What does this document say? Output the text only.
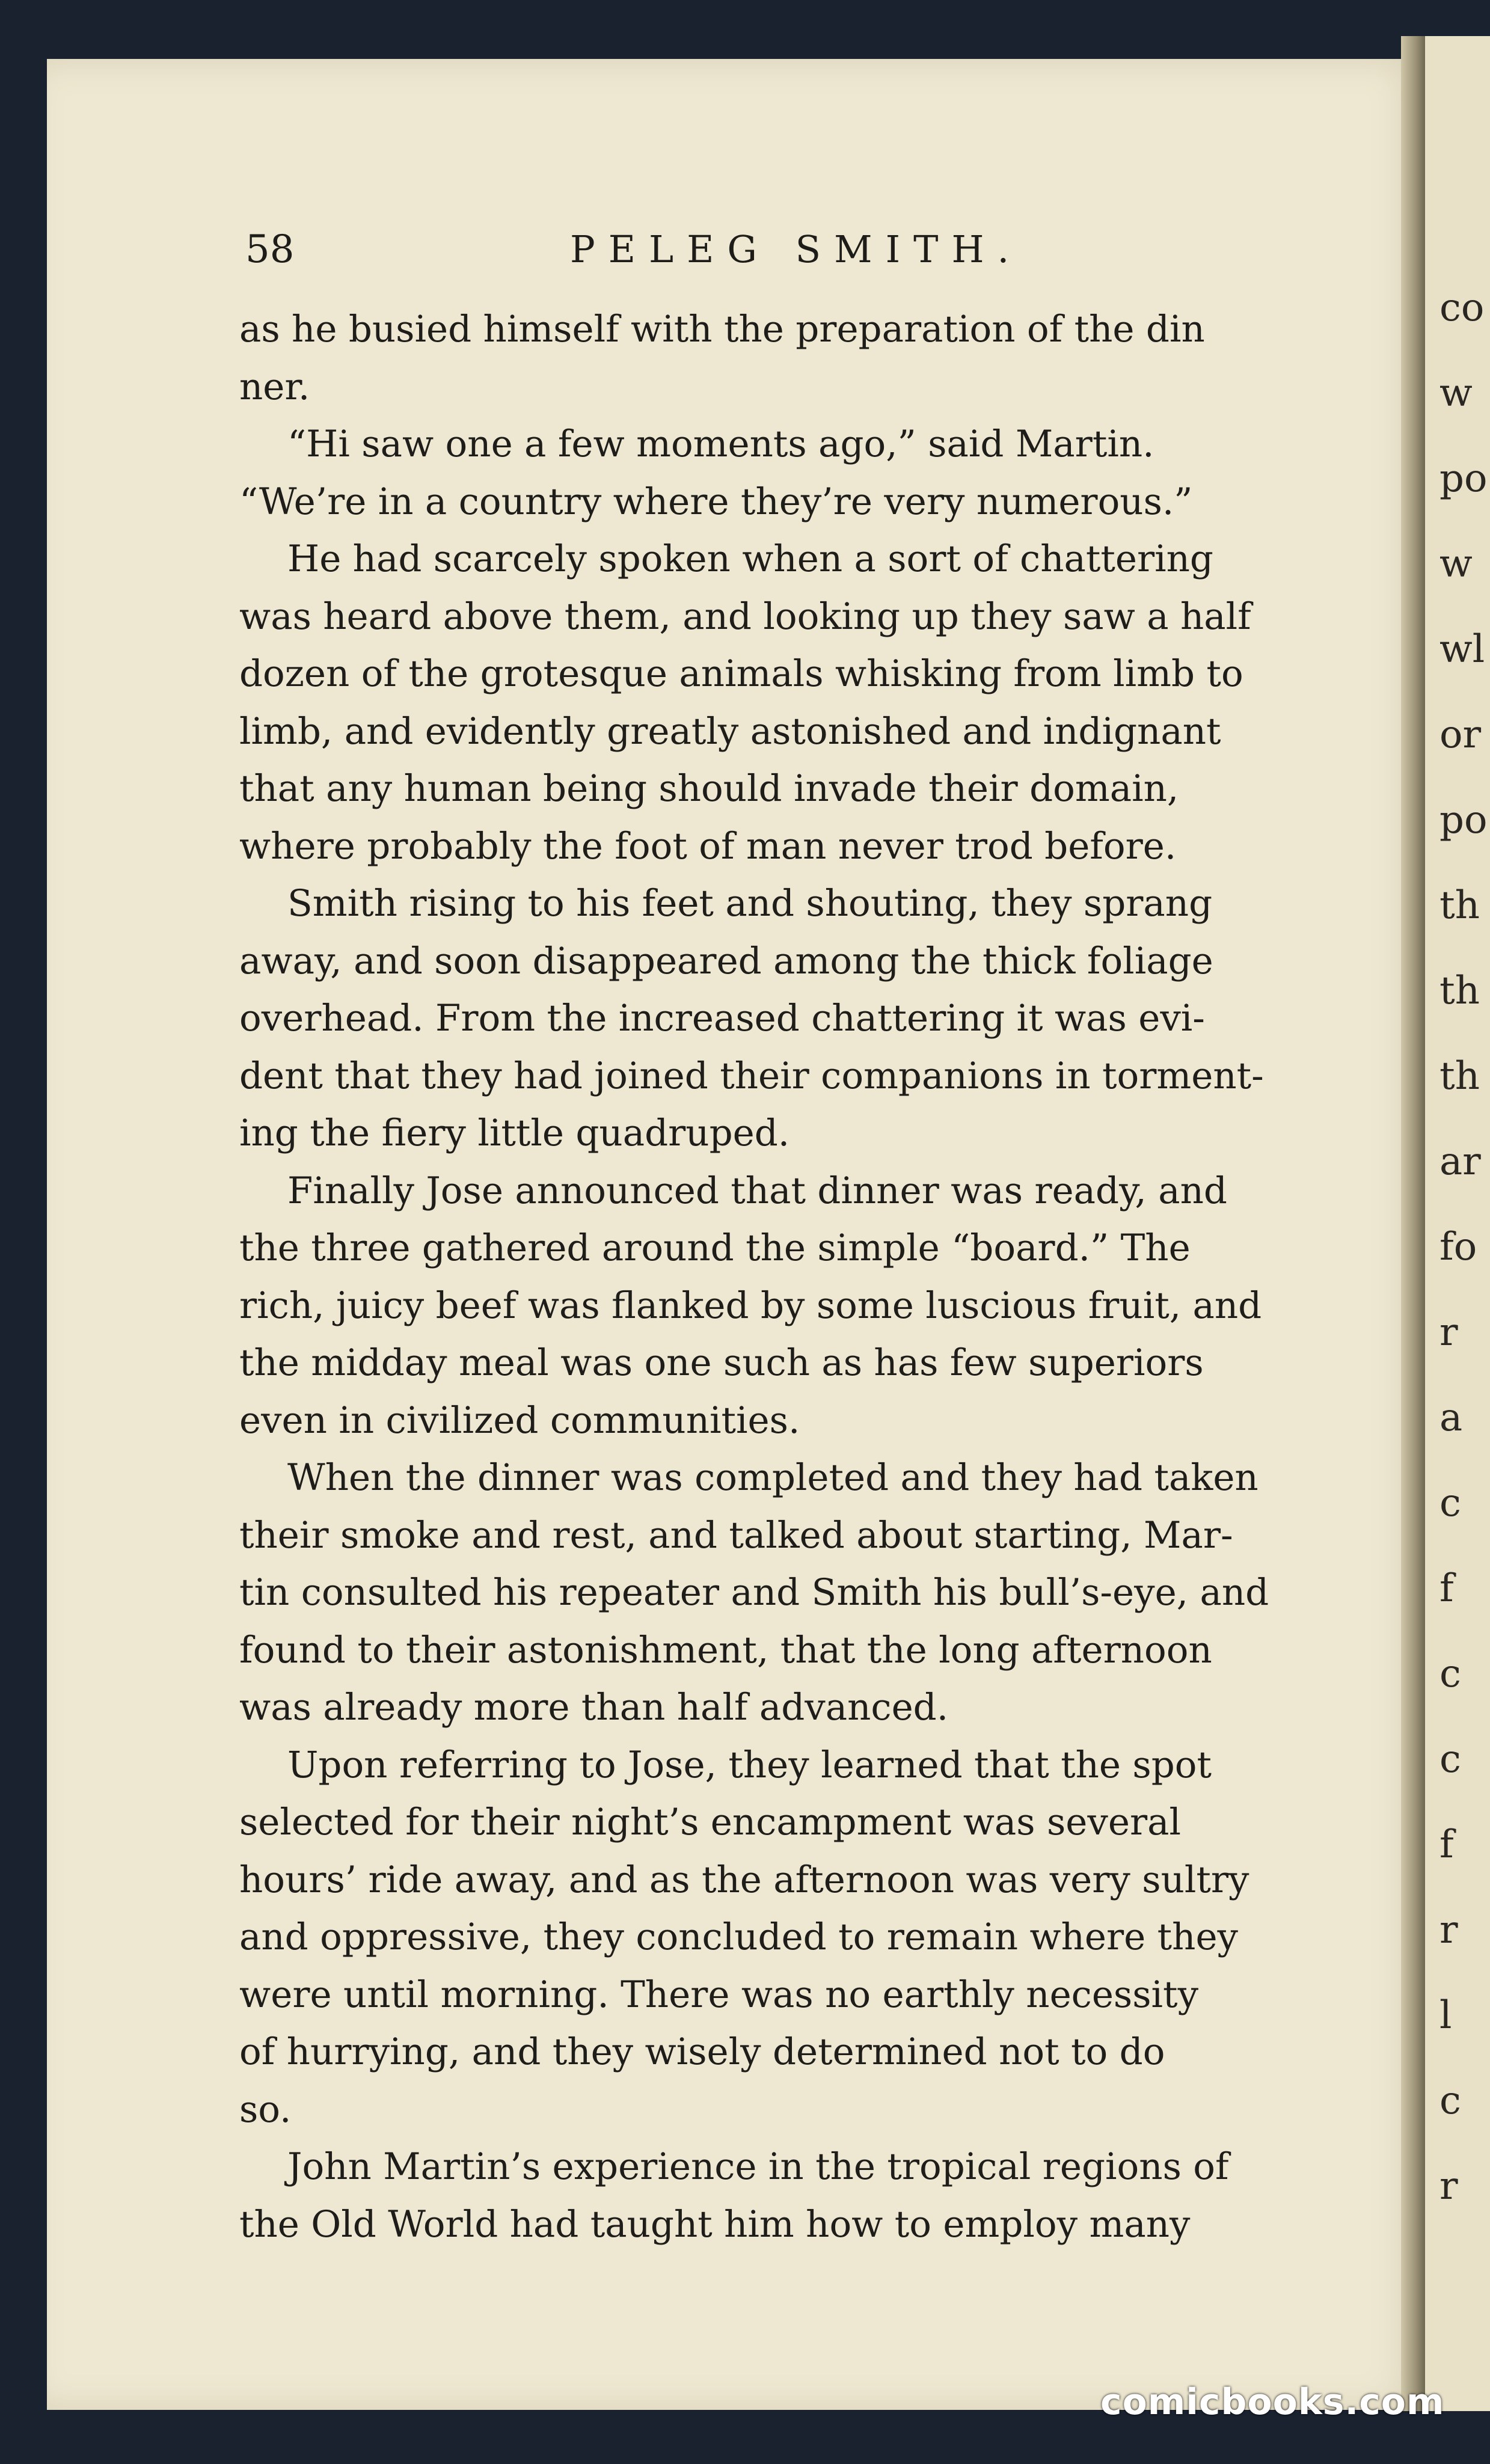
58	PELEG SMITH.
as he busied himself with the preparation of the din
ner.
“Hi saw one a few moments ago,” said Martin.
“We’re in a country where they’re very numerous.”
He had scarcely spoken when a sort of chattering
was heard above them, and looking up they saw a half
dozen of the grotesque animals whisking from limb to
limb, and evidently greatly astonished and indignant
that any human being should invade their domain,
where probably the foot of man never trod before.
Smith rising to his feet and shouting, they sprang
away, and soon disappeared among the thick foliage
overhead. From the increased chattering it was evi-
dent that they had joined their companions in torment-
ing the fiery little quadruped.
Finally Jose announced that dinner was ready, and
the three gathered around the simple “board.” The
rich, juicy beef was flanked by some luscious fruit, and
the midday meal was one such as has few superiors
even in civilized communities.
When the dinner was completed and they had taken
their smoke and rest, and talked about starting, Mar-
tin consulted his repeater and Smith his bull’s-eye, and
found to their astonishment, that the long afternoon
was already more than half advanced.
Upon referring to Jose, they learned that the spot
selected for their night’s encampment was several
hours’ ride away, and as the afternoon was very sultry
and oppressive, they concluded to remain where they
were until morning. There was no earthly necessity
of hurrying, and they wisely determined not to do
so.
John Martin’s experience in the tropical regions of
the Old World had taught him how to employ many
co
w
po
w
wl
or
po
th
th
th
ar
fo
r
a
c
f
c
c
f
r
l
c
r
comicbooks.com
